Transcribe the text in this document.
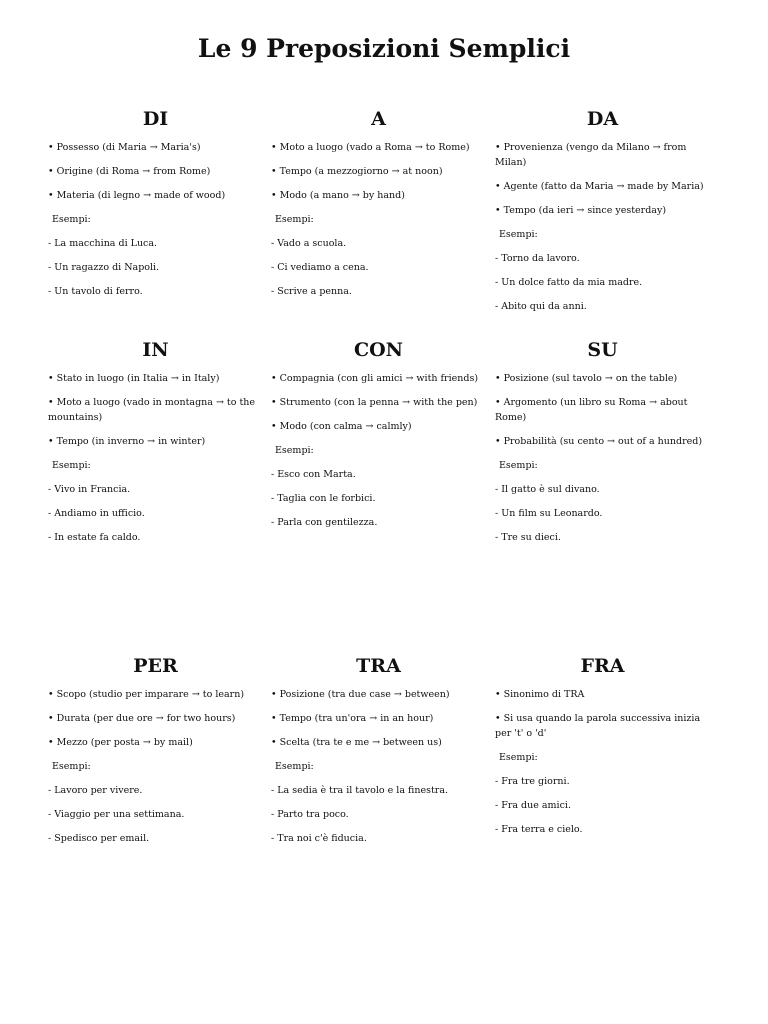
Le 9 Preposizioni Semplici
DI
• Possesso (di Maria → Maria's)
• Origine (di Roma → from Rome)
• Materia (di legno → made of wood)
Esempi:
- La macchina di Luca.
- Un ragazzo di Napoli.
- Un tavolo di ferro.
A
• Moto a luogo (vado a Roma → to Rome)
• Tempo (a mezzogiorno → at noon)
• Modo (a mano → by hand)
Esempi:
- Vado a scuola.
- Ci vediamo a cena.
- Scrive a penna.
DA
• Provenienza (vengo da Milano → from Milan)
• Agente (fatto da Maria → made by Maria)
• Tempo (da ieri → since yesterday)
Esempi:
- Torno da lavoro.
- Un dolce fatto da mia madre.
- Abito qui da anni.
IN
• Stato in luogo (in Italia → in Italy)
• Moto a luogo (vado in montagna → to the mountains)
• Tempo (in inverno → in winter)
Esempi:
- Vivo in Francia.
- Andiamo in ufficio.
- In estate fa caldo.
CON
• Compagnia (con gli amici → with friends)
• Strumento (con la penna → with the pen)
• Modo (con calma → calmly)
Esempi:
- Esco con Marta.
- Taglia con le forbici.
- Parla con gentilezza.
SU
• Posizione (sul tavolo → on the table)
• Argomento (un libro su Roma → about Rome)
• Probabilità (su cento → out of a hundred)
Esempi:
- Il gatto è sul divano.
- Un film su Leonardo.
- Tre su dieci.
PER
• Scopo (studio per imparare → to learn)
• Durata (per due ore → for two hours)
• Mezzo (per posta → by mail)
Esempi:
- Lavoro per vivere.
- Viaggio per una settimana.
- Spedisco per email.
TRA
• Posizione (tra due case → between)
• Tempo (tra un'ora → in an hour)
• Scelta (tra te e me → between us)
Esempi:
- La sedia è tra il tavolo e la finestra.
- Parto tra poco.
- Tra noi c'è fiducia.
FRA
• Sinonimo di TRA
• Si usa quando la parola successiva inizia per 't' o 'd'
Esempi:
- Fra tre giorni.
- Fra due amici.
- Fra terra e cielo.
